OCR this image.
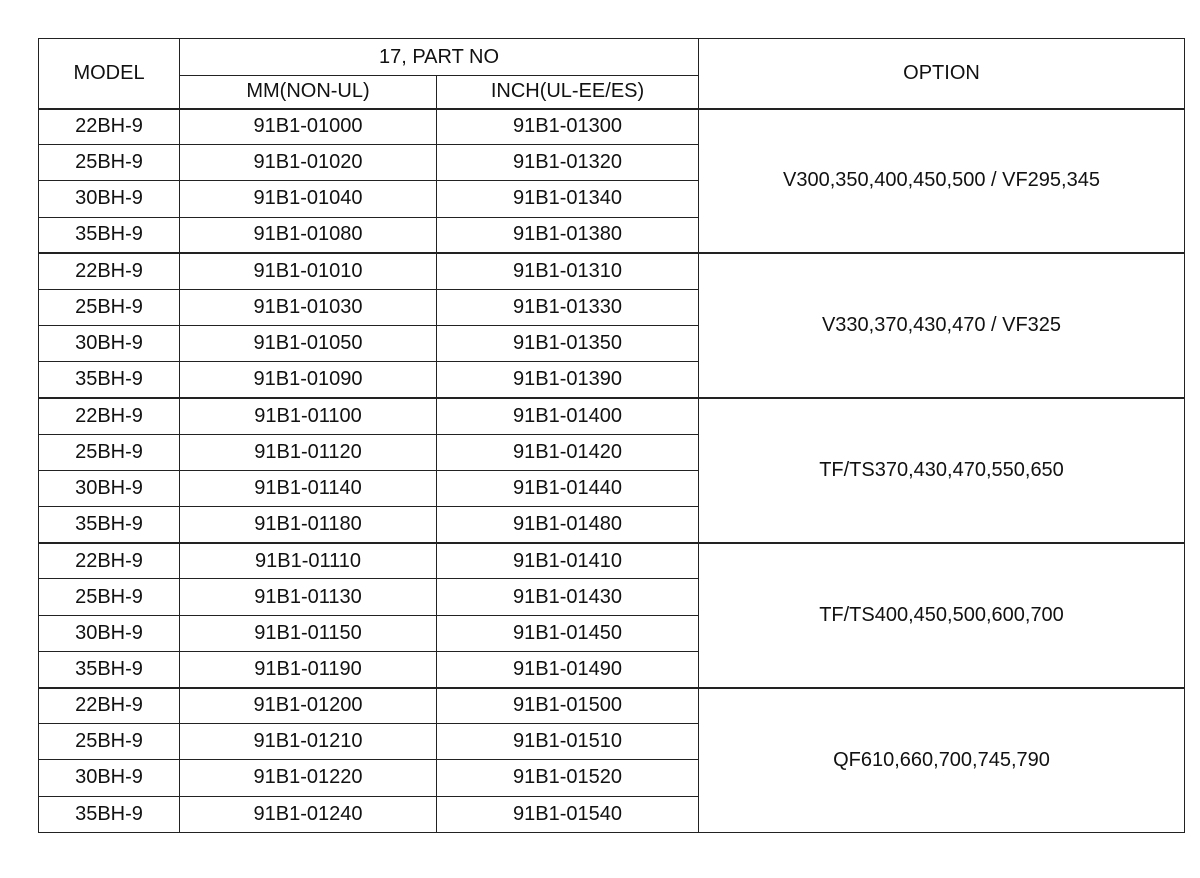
MODEL	17, PART NO		OPTION
	MM(NON-UL)	INCH(UL-EE/ES)	
22BH-9	91B1-01000	91B1-01300	V300,350,400,450,500 / VF295,345
25BH-9	91B1-01020	91B1-01320	
30BH-9	91B1-01040	91B1-01340	
35BH-9	91B1-01080	91B1-01380	
22BH-9	91B1-01010	91B1-01310	V330,370,430,470 / VF325
25BH-9	91B1-01030	91B1-01330	
30BH-9	91B1-01050	91B1-01350	
35BH-9	91B1-01090	91B1-01390	
22BH-9	91B1-01100	91B1-01400	TF/TS370,430,470,550,650
25BH-9	91B1-01120	91B1-01420	
30BH-9	91B1-01140	91B1-01440	
35BH-9	91B1-01180	91B1-01480	
22BH-9	91B1-01110	91B1-01410	TF/TS400,450,500,600,700
25BH-9	91B1-01130	91B1-01430	
30BH-9	91B1-01150	91B1-01450	
35BH-9	91B1-01190	91B1-01490	
22BH-9	91B1-01200	91B1-01500	QF610,660,700,745,790
25BH-9	91B1-01210	91B1-01510	
30BH-9	91B1-01220	91B1-01520	
35BH-9	91B1-01240	91B1-01540	
